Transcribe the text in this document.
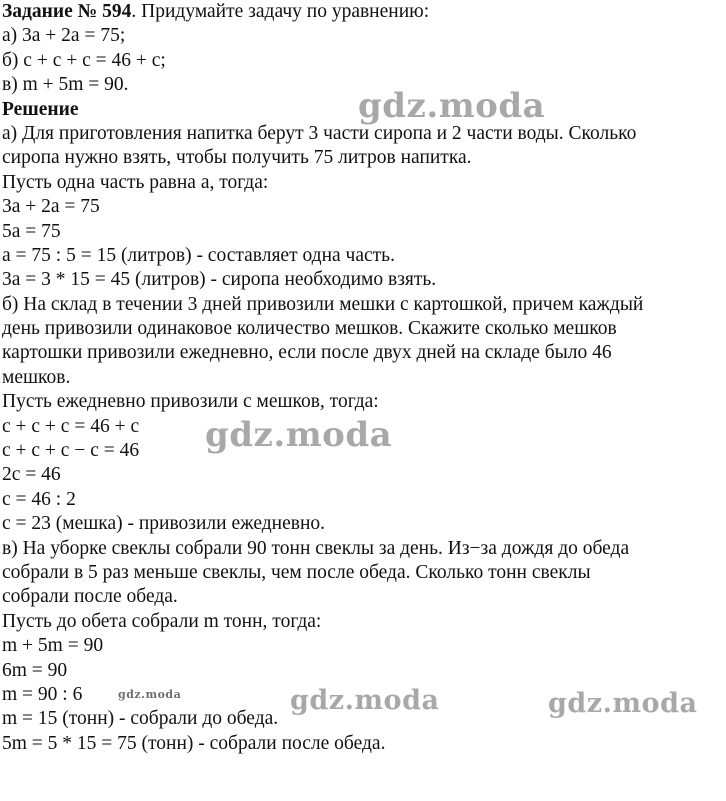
Задание № 594. Придумайте задачу по уравнению:
а) 3a + 2a = 75;
б) c + c + c = 46 + c;
в) m + 5m = 90.
Решение
а) Для приготовления напитка берут 3 части сиропа и 2 части воды. Сколько
сиропа нужно взять, чтобы получить 75 литров напитка.
Пусть одна часть равна a, тогда:
3a + 2a = 75
5a = 75
a = 75 : 5 = 15 (литров) - составляет одна часть.
3a = 3 * 15 = 45 (литров) - сиропа необходимо взять.
б) На склад в течении 3 дней привозили мешки с картошкой, причем каждый
день привозили одинаковое количество мешков. Скажите сколько мешков
картошки привозили ежедневно, если после двух дней на складе было 46
мешков.
Пусть ежедневно привозили c мешков, тогда:
c + c + c = 46 + c
c + c + c − c = 46
2c = 46
c = 46 : 2
c = 23 (мешка) - привозили ежедневно.
в) На уборке свеклы собрали 90 тонн свеклы за день. Из−за дождя до обеда
собрали в 5 раз меньше свеклы, чем после обеда. Сколько тонн свеклы
собрали после обеда.
Пусть до обета собрали m тонн, тогда:
m + 5m = 90
6m = 90
m = 90 : 6
m = 15 (тонн) - собрали до обеда.
5m = 5 * 15 = 75 (тонн) - собрали после обеда.
gdz.moda
gdz.moda
gdz.moda	gdz.moda
gdz.moda
